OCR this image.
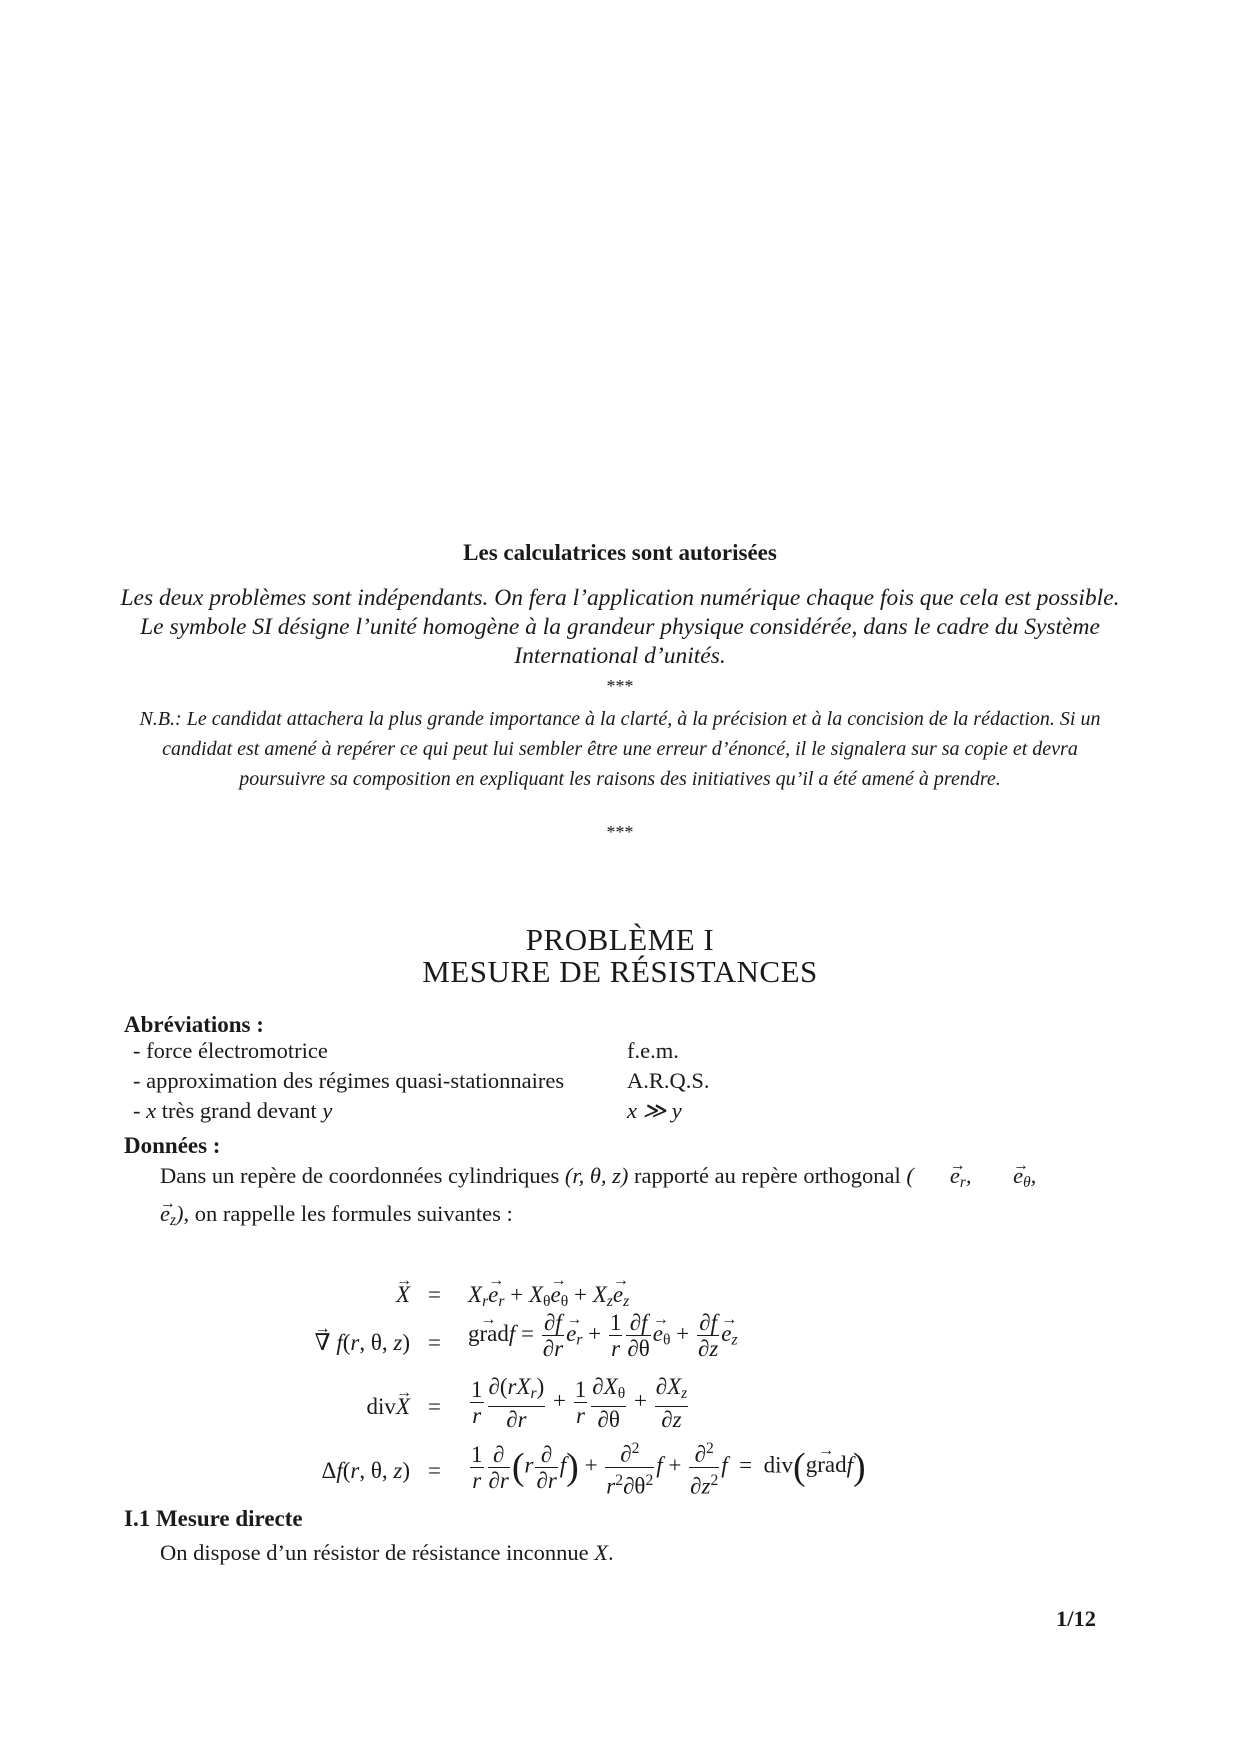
Les calculatrices sont autorisées
Les deux problèmes sont indépendants. On fera l’application numérique chaque fois que cela est possible. Le symbole SI désigne l’unité homogène à la grandeur physique considérée, dans le cadre du Système International d’unités.
***
N.B.: Le candidat attachera la plus grande importance à la clarté, à la précision et à la concision de la rédaction. Si un candidat est amené à repérer ce qui peut lui sembler être une erreur d’énoncé, il le signalera sur sa copie et devra poursuivre sa composition en expliquant les raisons des initiatives qu’il a été amené à prendre.
***
PROBLÈME I
MESURE DE RÉSISTANCES
Abréviations :
- force électromotrice	f.e.m.
- approximation des régimes quasi-stationnaires	A.R.Q.S.
- x très grand devant y	x ≫ y
Données :
Dans un repère de coordonnées cylindriques (r, θ, z) rapporté au repère orthogonal ( $e \to_r$, $e \to_\theta$, $e \to_z$), on rappelle les formules suivantes :
X → = $X_re \to_r + X_\theta e \to_\theta + X_ze \to_z$
∇ → f(r, θ, z) = grad $\to f = \frac{\partial f}{\partial r}$ $e \to_r + \frac{1}{r} \frac{\partial f}{\partial\theta}$ $e \to_\theta + \frac{\partial f}{\partial z}$ $e \to_z$
divX → = $\frac{1}{r} \frac{\partial(rX_r)}{\partial r} + \frac{1}{r} \frac{\partial X_\theta}{\partial\theta} + \frac{\partial X_z}{\partial z}$
Δf(r, θ, $z) = \frac{1}{r} \frac{\partial}{\partial r} (r \frac{\partial}{\partial r} f) + \frac{\partial^2}{r^2\partial\theta^2}$ $f + \frac{\partial^2}{\partial z^2}$ f  =  div(grad →f)
I.1 Mesure directe
On dispose d’un résistor de résistance inconnue X.
1/12
